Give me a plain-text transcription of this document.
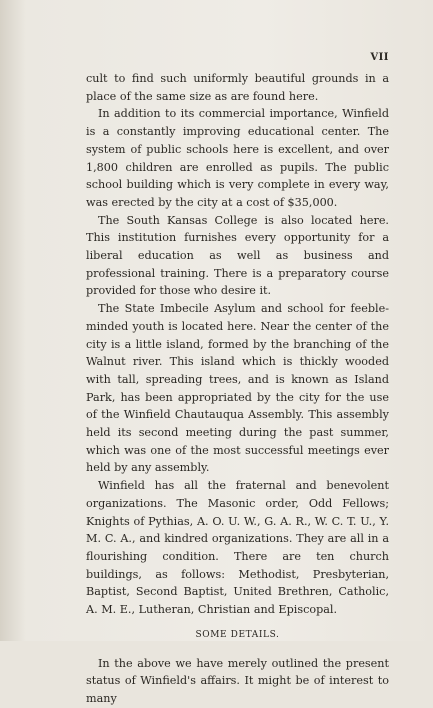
VII

cult to find such uniformly beautiful grounds in a place of the same size as are found here.

In addition to its commercial importance, Winfield is a constantly improving educational center. The system of public schools here is excellent, and over 1,800 children are enrolled as pupils. The public school building which is very complete in every way, was erected by the city at a cost of $35,000.

The South Kansas College is also located here. This institution furnishes every opportunity for a liberal education as well as business and professional training. There is a preparatory course provided for those who desire it.

The State Imbecile Asylum and school for feeble-minded youth is located here. Near the center of the city is a little island, formed by the branching of the Walnut river. This island which is thickly wooded with tall, spreading trees, and is known as Island Park, has been appropriated by the city for the use of the Winfield Chautauqua Assembly. This assembly held its second meeting during the past summer, which was one of the most successful meetings ever held by any assembly.

Winfield has all the fraternal and benevolent organizations. The Masonic order, Odd Fellows; Knights of Pythias, A. O. U. W., G. A. R., W. C. T. U., Y. M. C. A., and kindred organizations. They are all in a flourishing condition. There are ten church buildings, as follows: Methodist, Presbyterian, Baptist, Second Baptist, United Brethren, Catholic, A. M. E., Lutheran, Christian and Episcopal.

SOME DETAILS.

In the above we have merely outlined the present status of Winfield's affairs. It might be of interest to many
